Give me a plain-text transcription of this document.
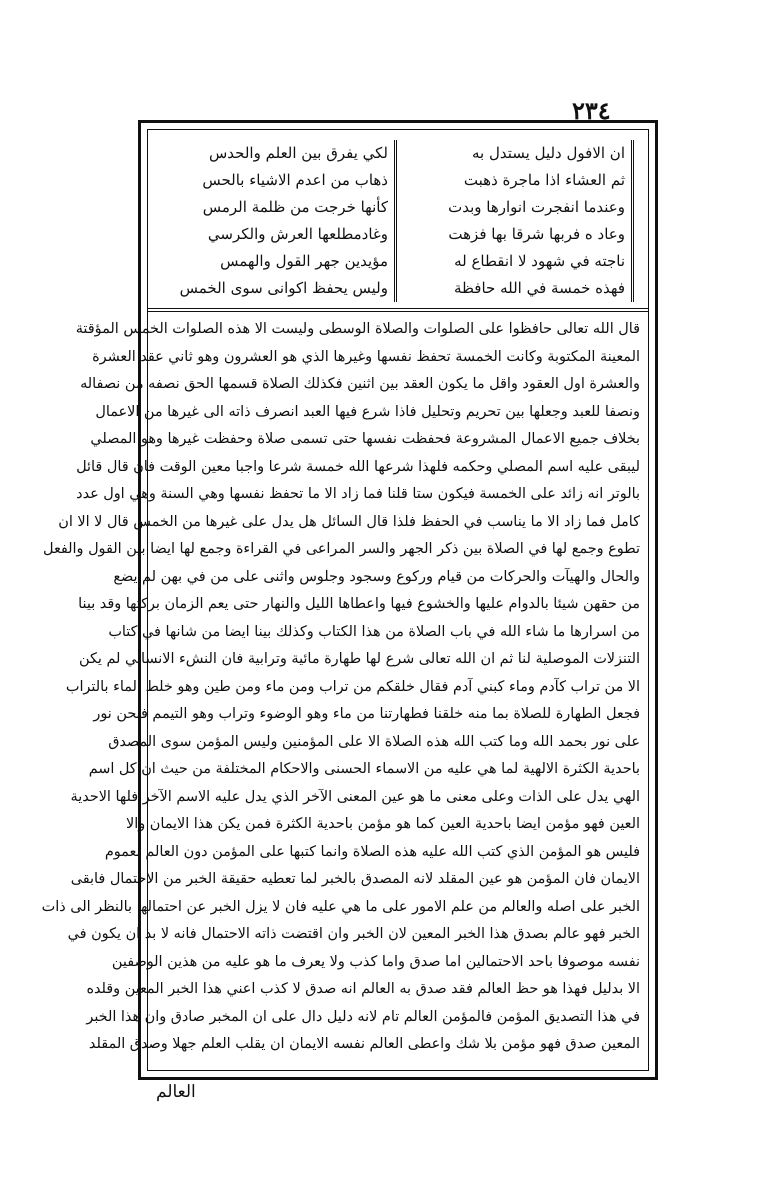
٢٣٤
ان الافول دليل يستدل به
ثم العشاء اذا ماجرة ذهبت
وعندما انفجرت انوارها وبدت
وعاد ه فربها شرقا بها فزهت
ناجته في شهود لا انقطاع له
فهذه خمسة في الله حافظة
لكي يفرق بين العلم والحدس
ذهاب من اعدم الاشياء بالحس
كأنها خرجت من ظلمة الرمس
وغادمطلعها العرش والكرسي
مؤيدين جهر القول والهمس
وليس يحفظ اكوانى سوى الخمس
قال الله تعالى حافظوا على الصلوات والصلاة الوسطى وليست الا هذه الصلوات الخمس المؤقتة
المعينة المكتوبة وكانت الخمسة تحفظ نفسها وغيرها الذي هو العشرون وهو ثاني عقد العشرة
والعشرة اول العقود واقل ما يكون العقد بين اثنين فكذلك الصلاة قسمها الحق نصفه من نصفاله
ونصفا للعبد وجعلها بين تحريم وتحليل فاذا شرع فيها العبد انصرف ذاته الى غيرها من الاعمال
بخلاف جميع الاعمال المشروعة فحفظت نفسها حتى تسمى صلاة وحفظت غيرها وهو المصلي
ليبقى عليه اسم المصلي وحكمه فلهذا شرعها الله خمسة شرعا واجبا معين الوقت فان قال قائل
بالوتر انه زائد على الخمسة فيكون ستا قلنا فما زاد الا ما تحفظ نفسها وهي السنة وهي اول عدد
كامل فما زاد الا ما يناسب في الحفظ فلذا قال السائل هل يدل على غيرها من الخمس قال لا الا ان
تطوع وجمع لها في الصلاة بين ذكر الجهر والسر المراعى في القراءة وجمع لها ايضا بين القول والفعل
والحال والهيآت والحركات من قيام وركوع وسجود وجلوس واثنى على من في بهن لم يضع
من حقهن شيئا بالدوام عليها والخشوع فيها واعطاها الليل والنهار حتى يعم الزمان بركتها وقد بينا
من اسرارها ما شاء الله في باب الصلاة من هذا الكتاب وكذلك بينا ايضا من شانها في كتاب
التنزلات الموصلية لنا ثم ان الله تعالى شرع لها طهارة مائية وترابية فان النشء الانساني لم يكن
الا من تراب كآدم وماء كبني آدم فقال خلقكم من تراب ومن ماء ومن طين وهو خلط الماء بالتراب
فجعل الطهارة للصلاة بما منه خلقنا فطهارتنا من ماء وهو الوضوء وتراب وهو التيمم فنحن نور
على نور بحمد الله وما كتب الله هذه الصلاة الا على المؤمنين وليس المؤمن سوى المصدق
باحدية الكثرة الالهية لما هي عليه من الاسماء الحسنى والاحكام المختلفة من حيث ان كل اسم
الهي يدل على الذات وعلى معنى ما هو عين المعنى الآخر الذي يدل عليه الاسم الآخر فلها الاحدية
العين فهو مؤمن ايضا باحدية العين كما هو مؤمن باحدية الكثرة فمن يكن هذا الايمان والا
فليس هو المؤمن الذي كتب الله عليه هذه الصلاة وانما كتبها على المؤمن دون العالم لعموم
الايمان فان المؤمن هو عين المقلد لانه المصدق بالخبر لما تعطيه حقيقة الخبر من الاحتمال فابقى
الخبر على اصله والعالم من علم الامور على ما هي عليه فان لا يزل الخبر عن احتمالها بالنظر الى ذات
الخبر فهو عالم بصدق هذا الخبر المعين لان الخبر وان اقتضت ذاته الاحتمال فانه لا بد ان يكون في
نفسه موصوفا باحد الاحتمالين اما صدق واما كذب ولا يعرف ما هو عليه من هذين الوصفين
الا بدليل فهذا هو حظ العالم فقد صدق به العالم انه صدق لا كذب اعني هذا الخبر المعين وقلده
في هذا التصديق المؤمن فالمؤمن العالم تام لانه دليل دال على ان المخبر صادق وان هذا الخبر
المعين صدق فهو مؤمن بلا شك واعطى العالم نفسه الايمان ان يقلب العلم جهلا وصدق المقلد
العالم
